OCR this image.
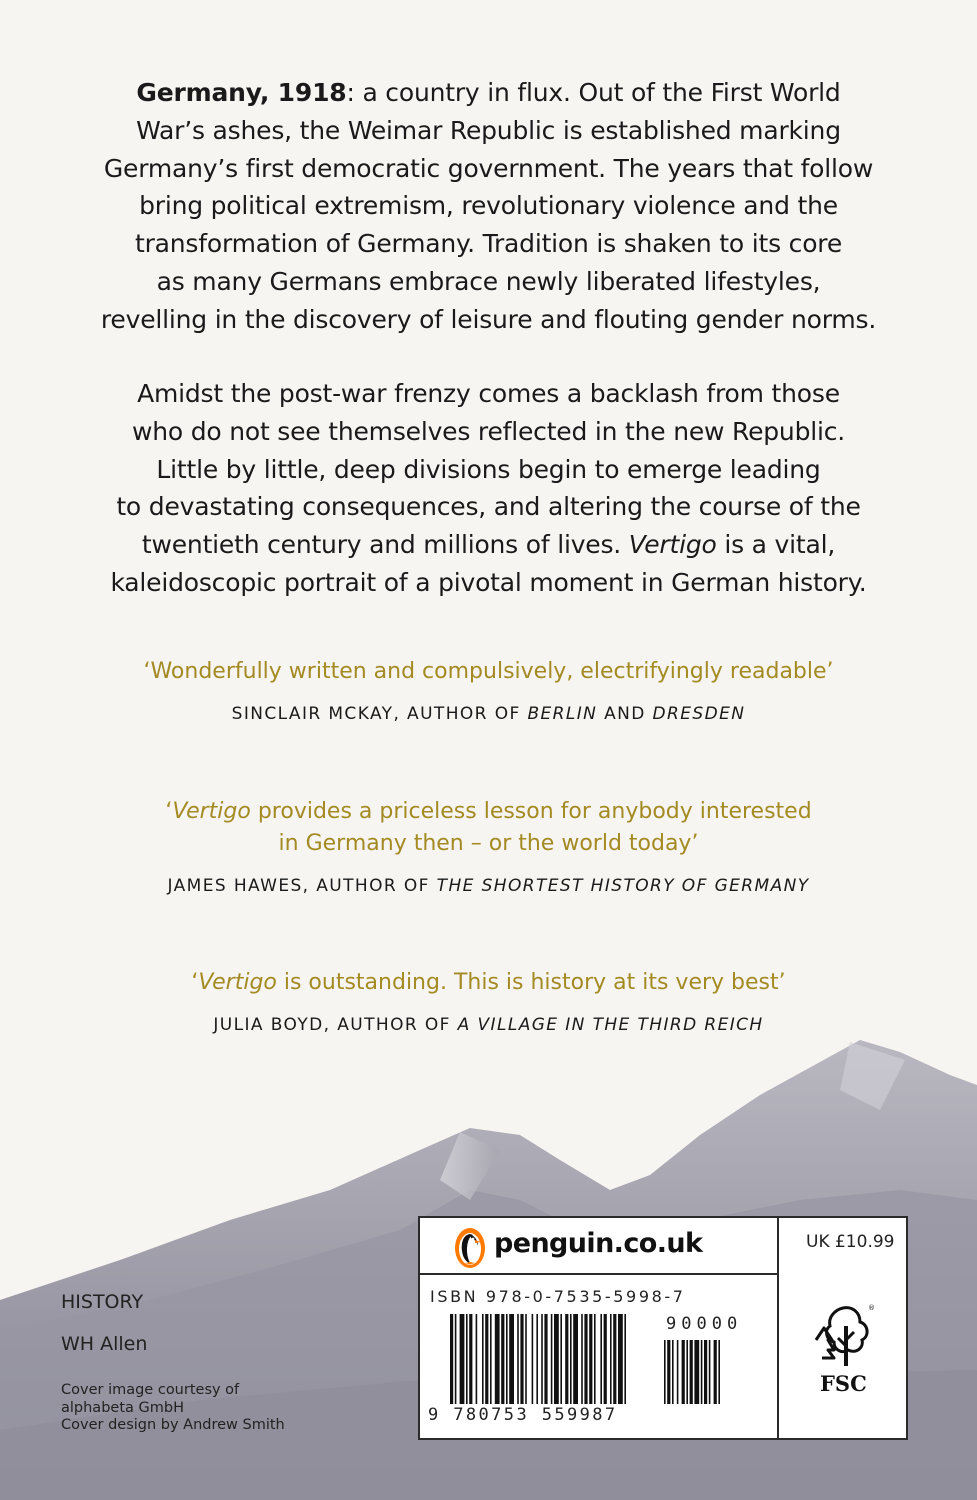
Germany, 1918: a country in flux. Out of the First World

War’s ashes, the Weimar Republic is established marking

Germany’s first democratic government. The years that follow

bring political extremism, revolutionary violence and the

transformation of Germany. Tradition is shaken to its core

as many Germans embrace newly liberated lifestyles,

revelling in the discovery of leisure and flouting gender norms.

Amidst the post-war frenzy comes a backlash from those

who do not see themselves reflected in the new Republic.

Little by little, deep divisions begin to emerge leading

to devastating consequences, and altering the course of the

twentieth century and millions of lives. Vertigo is a vital,

kaleidoscopic portrait of a pivotal moment in German history.

‘Wonderfully written and compulsively, electrifyingly readable’
SINCLAIR MCKAY, AUTHOR OF BERLIN AND DRESDEN
‘Vertigo provides a priceless lesson for anybody interested
in Germany then – or the world today’
JAMES HAWES, AUTHOR OF THE SHORTEST HISTORY OF GERMANY
‘Vertigo is outstanding. This is history at its very best’
JULIA BOYD, AUTHOR OF A VILLAGE IN THE THIRD REICH
HISTORY
WH Allen
Cover image courtesy of
alphabeta GmbH
Cover design by Andrew Smith
penguin.co.uk	UK £10.99
ISBN 978-0-7535-5998-7
90000
9 780753 559987
®
FSC
